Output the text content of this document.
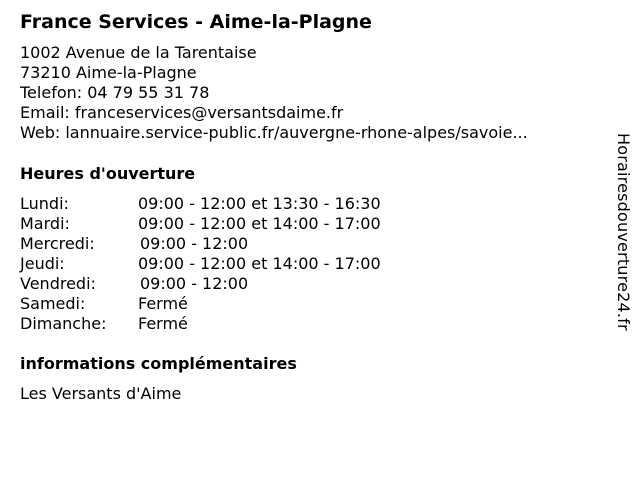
France Services - Aime-la-Plagne
1002 Avenue de la Tarentaise
73210 Aime-la-Plagne
Telefon: 04 79 55 31 78
Email: franceservices@versantsdaime.fr
Web: lannuaire.service-public.fr/auvergne-rhone-alpes/savoie...
Heures d'ouverture
Lundi:	09:00 - 12:00 et 13:30 - 16:30
Mardi:	09:00 - 12:00 et 14:00 - 17:00
Mercredi:	09:00 - 12:00
Jeudi:	09:00 - 12:00 et 14:00 - 17:00
Vendredi:	09:00 - 12:00
Samedi:	Fermé
Dimanche: Fermé
informations complémentaires
Les Versants d'Aime
Horairesdouverture24.fr
